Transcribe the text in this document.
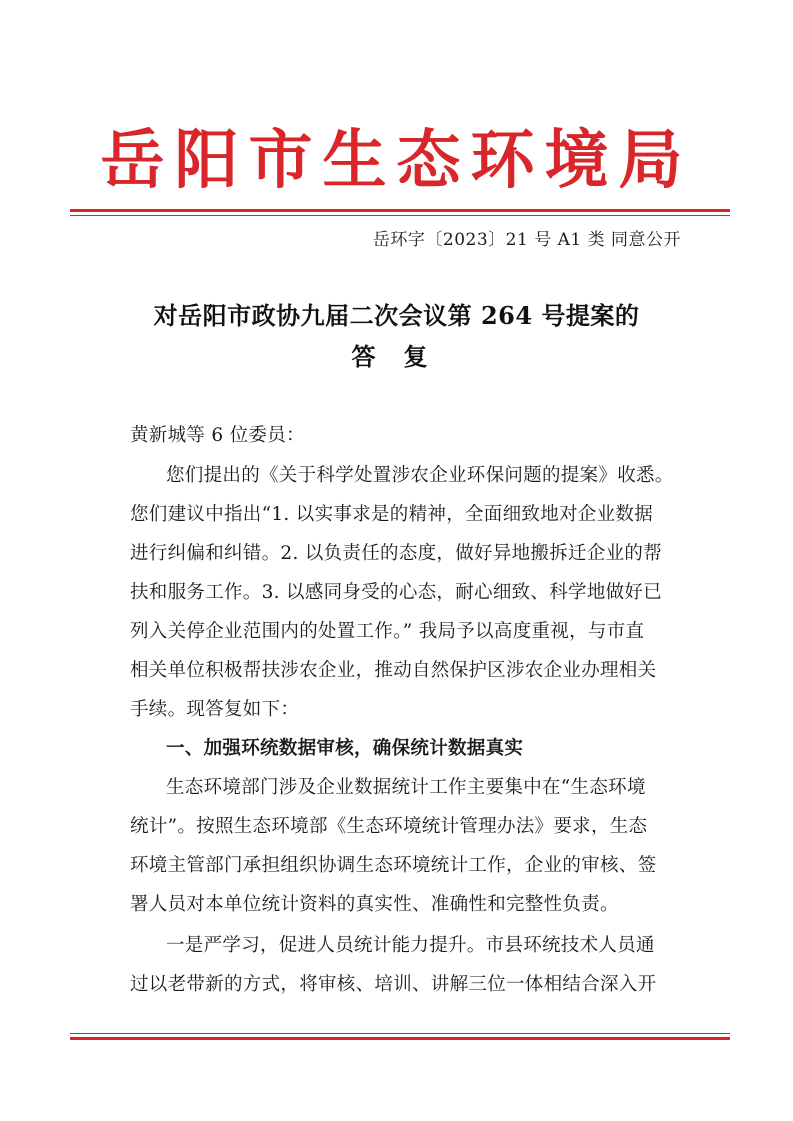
岳阳市生态环境局
岳环字〔2023〕21 号 A1 类 同意公开
对岳阳市政协九届二次会议第 264 号提案的
答复
黄新城等 6 位委员：
您们提出的《关于科学处置涉农企业环保问题的提案》收悉。
您们建议中指出“1. 以实事求是的精神，全面细致地对企业数据
进行纠偏和纠错。2. 以负责任的态度，做好异地搬拆迁企业的帮
扶和服务工作。3. 以感同身受的心态，耐心细致、科学地做好已
列入关停企业范围内的处置工作。” 我局予以高度重视，与市直
相关单位积极帮扶涉农企业，推动自然保护区涉农企业办理相关
手续。现答复如下：
一、加强环统数据审核，确保统计数据真实
生态环境部门涉及企业数据统计工作主要集中在“生态环境
统计”。按照生态环境部《生态环境统计管理办法》要求，生态
环境主管部门承担组织协调生态环境统计工作，企业的审核、签
署人员对本单位统计资料的真实性、准确性和完整性负责。
一是严学习，促进人员统计能力提升。市县环统技术人员通
过以老带新的方式，将审核、培训、讲解三位一体相结合深入开
